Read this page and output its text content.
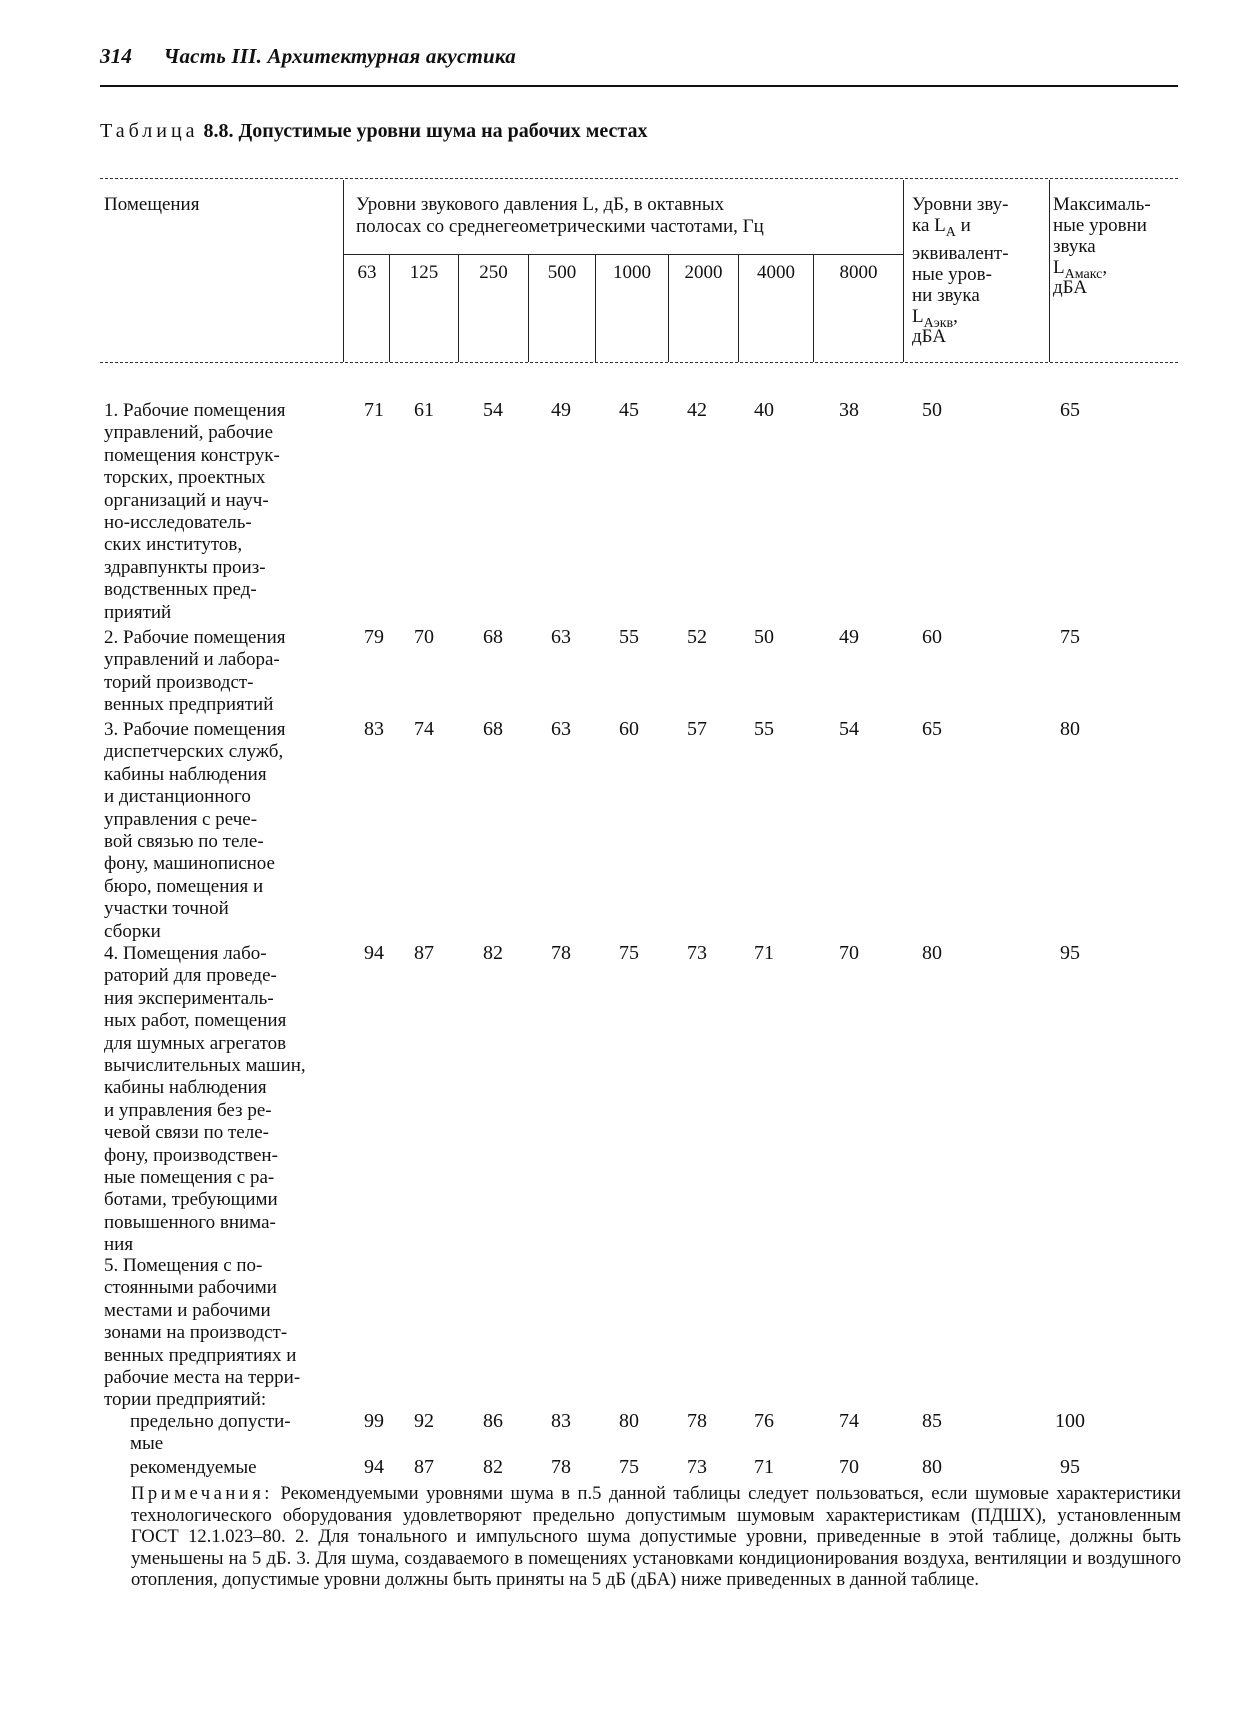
314 Часть III. Архитектурная акустика
Таблица 8.8. Допустимые уровни шума на рабочих местах
Помещения	Уровни звукового давления L, дБ, в октавных
полосах со среднегеометрическими частотами, Гц
63	125	250	500	1000	2000	4000	8000
Уровни зву-
ка $L_A$ и
эквивалент-
ные уров-
ни звука
$L_{Аэкв}$,
дБА
Максималь-
ные уровни
звука
$L_{Амакс}$,
дБА
1. Рабочие помещения
управлений, рабочие
помещения конструк-
торских, проектных
организаций и науч-
но-исследователь-
ских институтов,
здравпункты произ-
водственных пред-
приятий
71	61	54	49	45	42	40	38	50	65
2. Рабочие помещения
управлений и лабора-
торий производст-
венных предприятий
79	70	68	63	55	52	50	49	60	75
3. Рабочие помещения
диспетчерских служб,
кабины наблюдения
и дистанционного
управления с рече-
вой связью по теле-
фону, машинописное
бюро, помещения и
участки точной
сборки
83	74	68	63	60	57	55	54	65	80
4. Помещения лабо-
раторий для проведе-
ния эксперименталь-
ных работ, помещения
для шумных агрегатов
вычислительных машин,
кабины наблюдения
и управления без ре-
чевой связи по теле-
фону, производствен-
ные помещения с ра-
ботами, требующими
повышенного внима-
ния
94	87	82	78	75	73	71	70	80	95
5. Помещения с по-
стоянными рабочими
местами и рабочими
зонами на производст-
венных предприятиях и
рабочие места на терри-
тории предприятий:
предельно допусти-
мые
99	92	86	83	80	78	76	74	85	100
рекомендуемые	94	87	82	78	75	73	71	70	80	95
Примечания: Рекомендуемыми уровнями шума в п.5 данной таблицы следует пользоваться, если шумовые характеристики технологического оборудования удовлетворяют предельно допустимым шумовым характеристикам (ПДШХ), установленным ГОСТ 12.1.023–80. 2. Для тонального и импульсного шума допустимые уровни, приведенные в этой таблице, должны быть уменьшены на 5 дБ. 3. Для шума, создаваемого в помещениях установками кондиционирования воздуха, вентиляции и воздушного отопления, допустимые уровни должны быть приняты на 5 дБ (дБА) ниже приведенных в данной таблице.
